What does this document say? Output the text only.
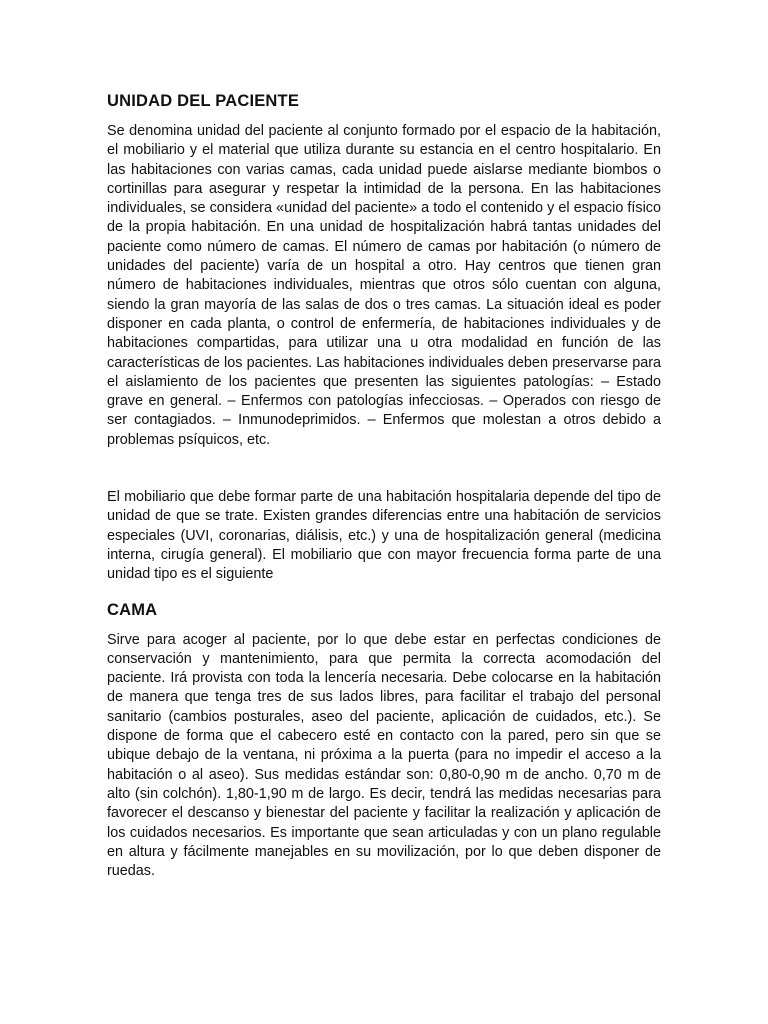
UNIDAD DEL PACIENTE

Se denomina unidad del paciente al conjunto formado por el espacio de la habitación, el mobiliario y el material que utiliza durante su estancia en el centro hospitalario. En las habitaciones con varias camas, cada unidad puede aislarse mediante biombos o cortinillas para asegurar y respetar la intimidad de la persona. En las habitaciones individuales, se considera «unidad del paciente» a todo el contenido y el espacio físico de la propia habitación. En una unidad de hospitalización habrá tantas unidades del paciente como número de camas. El número de camas por habitación (o número de unidades del paciente) varía de un hospital a otro. Hay centros que tienen gran número de habitaciones individuales, mientras que otros sólo cuentan con alguna, siendo la gran mayoría de las salas de dos o tres camas. La situación ideal es poder disponer en cada planta, o control de enfermería, de habitaciones individuales y de habitaciones compartidas, para utilizar una u otra modalidad en función de las características de los pacientes. Las habitaciones individuales deben preservarse para el aislamiento de los pacientes que presenten las siguientes patologías: – Estado grave en general. – Enfermos con patologías infecciosas. – Operados con riesgo de ser contagiados. – Inmunodeprimidos. – Enfermos que molestan a otros debido a problemas psíquicos, etc.

El mobiliario que debe formar parte de una habitación hospitalaria depende del tipo de unidad de que se trate. Existen grandes diferencias entre una habitación de servicios especiales (UVI, coronarias, diálisis, etc.) y una de hospitalización general (medicina interna, cirugía general). El mobiliario que con mayor frecuencia forma parte de una unidad tipo es el siguiente

CAMA

Sirve para acoger al paciente, por lo que debe estar en perfectas condiciones de conservación y mantenimiento, para que permita la correcta acomodación del paciente. Irá provista con toda la lencería necesaria. Debe colocarse en la habitación de manera que tenga tres de sus lados libres, para facilitar el trabajo del personal sanitario (cambios posturales, aseo del paciente, aplicación de cuidados, etc.). Se dispone de forma que el cabecero esté en contacto con la pared, pero sin que se ubique debajo de la ventana, ni próxima a la puerta (para no impedir el acceso a la habitación o al aseo). Sus medidas estándar son: 0,80-0,90 m de ancho. 0,70 m de alto (sin colchón). 1,80-1,90 m de largo. Es decir, tendrá las medidas necesarias para favorecer el descanso y bienestar del paciente y facilitar la realización y aplicación de los cuidados necesarios. Es importante que sean articuladas y con un plano regulable en altura y fácilmente manejables en su movilización, por lo que deben disponer de ruedas.
